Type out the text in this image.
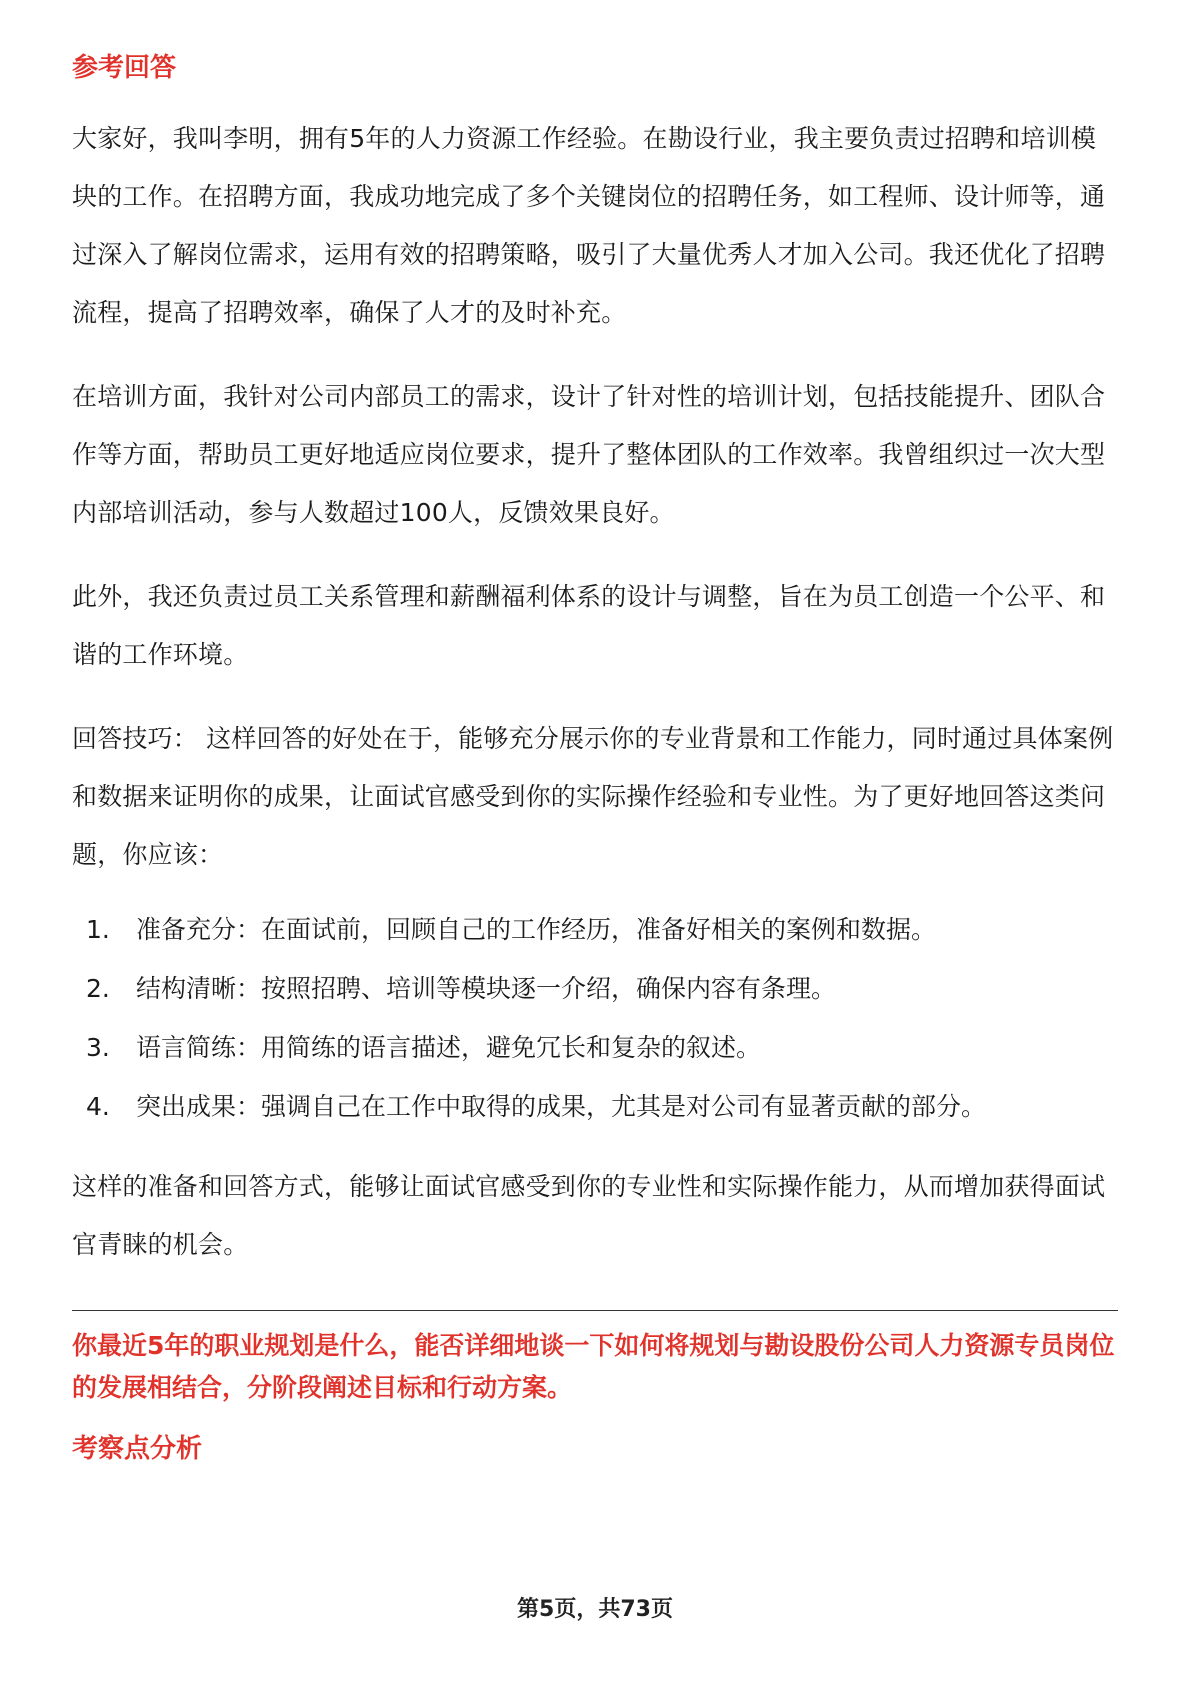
参考回答

大家好，我叫李明，拥有5年的人力资源工作经验。在勘设行业，我主要负责过招聘和培训模块的工作。在招聘方面，我成功地完成了多个关键岗位的招聘任务，如工程师、设计师等，通过深入了解岗位需求，运用有效的招聘策略，吸引了大量优秀人才加入公司。我还优化了招聘流程，提高了招聘效率，确保了人才的及时补充。

在培训方面，我针对公司内部员工的需求，设计了针对性的培训计划，包括技能提升、团队合作等方面，帮助员工更好地适应岗位要求，提升了整体团队的工作效率。我曾组织过一次大型内部培训活动，参与人数超过100人，反馈效果良好。

此外，我还负责过员工关系管理和薪酬福利体系的设计与调整，旨在为员工创造一个公平、和谐的工作环境。

回答技巧： 这样回答的好处在于，能够充分展示你的专业背景和工作能力，同时通过具体案例和数据来证明你的成果，让面试官感受到你的实际操作经验和专业性。为了更好地回答这类问题，你应该：

1.	准备充分：在面试前，回顾自己的工作经历，准备好相关的案例和数据。
2.	结构清晰：按照招聘、培训等模块逐一介绍，确保内容有条理。
3.	语言简练：用简练的语言描述，避免冗长和复杂的叙述。
4.	突出成果：强调自己在工作中取得的成果，尤其是对公司有显著贡献的部分。

这样的准备和回答方式，能够让面试官感受到你的专业性和实际操作能力，从而增加获得面试官青睐的机会。

你最近5年的职业规划是什么，能否详细地谈一下如何将规划与勘设股份公司人力资源专员岗位的发展相结合，分阶段阐述目标和行动方案。
考察点分析
第5页，共73页
